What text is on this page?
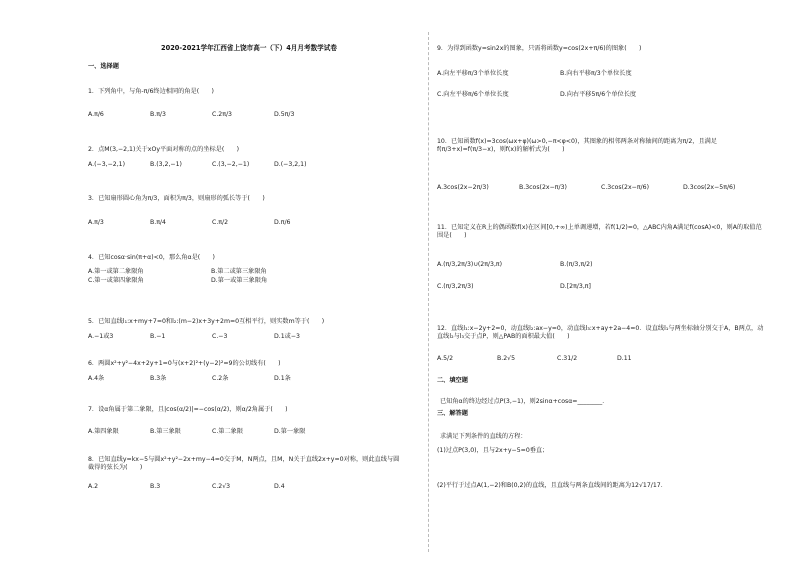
2020-2021学年江西省上饶市高一（下）4月月考数学试卷
一、选择题
1．下列角中，与角-π/6终边相同的角是(　　)
A.π/6	B.π/3	C.2π/3	D.5π/3
2．点M(3,−2,1)关于xOy平面对称的点的坐标是(　　)
A.(−3,−2,1)	B.(3,2,−1)	C.(3,−2,−1)	D.(−3,2,1)
3．已知扇形圆心角为π/3，面积为π/3，则扇形的弧长等于(　　)
A.π/3	B.π/4	C.π/2	D.π/6
4．已知cosα·sin(π+α)<0，那么角α是(　　)
A.第一或第二象限角	B.第二或第三象限角
C.第一或第四象限角	D.第一或第三象限角
5．已知直线l₁:x+my+7=0和l₂:(m−2)x+3y+2m=0互相平行，则实数m等于(　　)
A.−1或3	B.−1	C.−3	D.1或−3
6．两圆x²+y²−4x+2y+1=0与(x+2)²+(y−2)²=9的公切线有(　　)
A.4条	B.3条	C.2条	D.1条
7．设α角属于第二象限，且|cos(α/2)|=−cos(α/2)，则α/2角属于(　　)
A.第四象限	B.第三象限	C.第二象限	D.第一象限
8．已知直线y=kx−5与圆x²+y²−2x+my−4=0交于M，N两点，且M，N关于直线2x+y=0对称，则此直线与圆截得的弦长为(　　)
A.2	B.3	C.2√3	D.4
9．为得到函数y=sin2x的图象，只需将函数y=cos(2x+π/6)的图象(　　)
A.向左平移π/3个单位长度	B.向右平移π/3个单位长度
C.向左平移π/6个单位长度	D.向右平移5π/6个单位长度
10．已知函数f(x)=3cos(ωx+φ)(ω>0,−π<φ<0)，其图象的相邻两条对称轴间的距离为π/2，且满足f(π/3+x)=f(π/3−x)，则f(x)的解析式为(　　)
A.3cos(2x−2π/3)	B.3cos(2x−π/3)	C.3cos(2x−π/6)	D.3cos(2x−5π/6)
11．已知定义在R上的偶函数f(x)在区间[0,+∞)上单调递增，若f(1/2)=0，△ABC内角A满足f(cosA)<0，则A的取值范围是(　　)
A.(π/3,2π/3)∪(2π/3,π)	B.(π/3,π/2)
C.(π/3,2π/3)	D.[2π/3,π]
12．直线l₁:x−2y+2=0，动直线l₂:ax−y=0，动直线l₃:x+ay+2a−4=0．设直线l₁与两坐标轴分别交于A，B两点，动直线l₂与l₃交于点P，则△PAB的面积最大值(　　)
A.5/2	B.2√5	C.31/2	D.11
二、填空题
已知角α的终边经过点P(3,−1)，则2sinα+cosα=________．
三、解答题
求满足下列条件的直线的方程：
(1)过点P(3,0)，且与2x+y−5=0垂直；
(2)平行于过点A(1,−2)和B(0,2)的直线，且直线与两条直线间的距离为12√17/17．
